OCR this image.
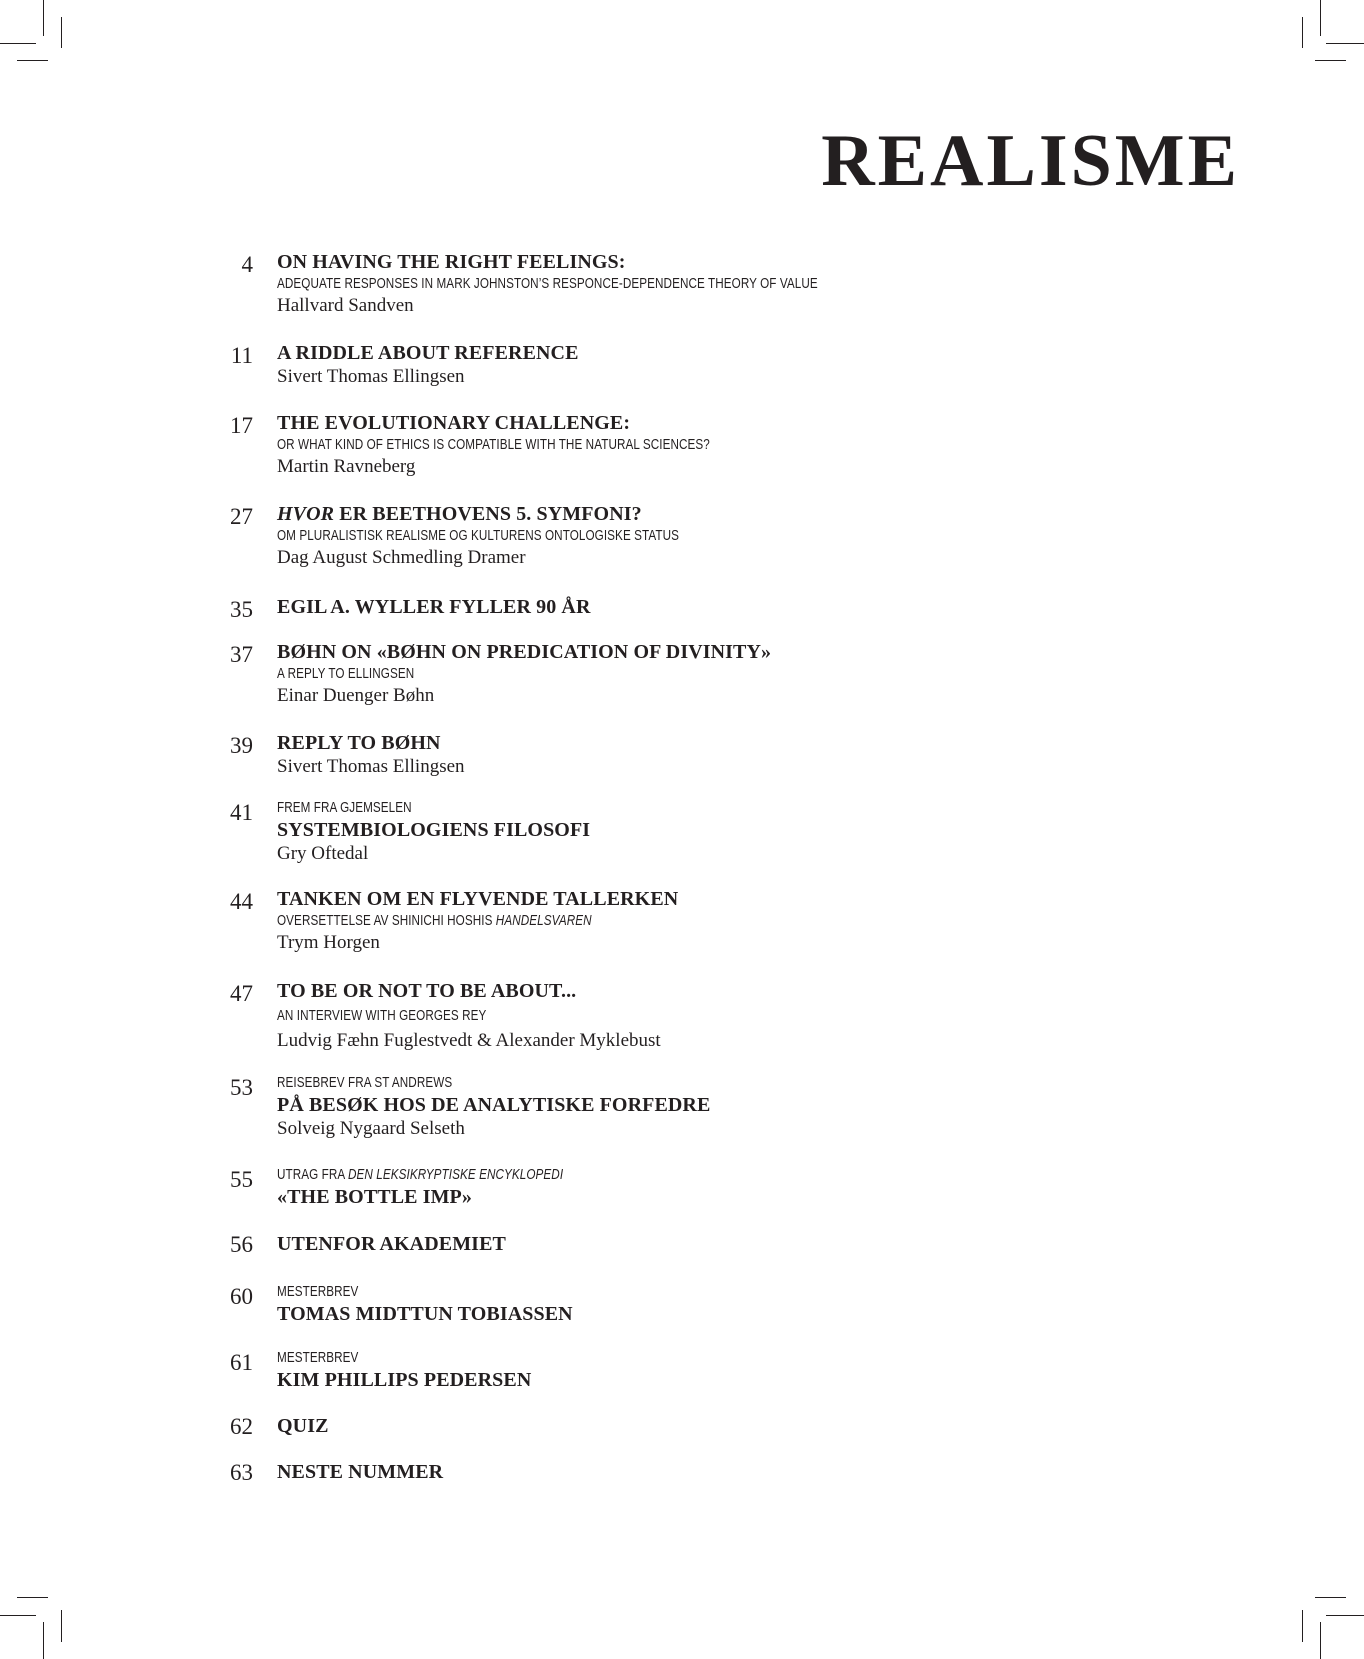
REALISME
4 ON HAVING THE RIGHT FEELINGS:
ADEQUATE RESPONSES IN MARK JOHNSTON’S RESPONCE-DEPENDENCE THEORY OF VALUE
Hallvard Sandven
11 A RIDDLE ABOUT REFERENCE
Sivert Thomas Ellingsen
17 THE EVOLUTIONARY CHALLENGE:
OR WHAT KIND OF ETHICS IS COMPATIBLE WITH THE NATURAL SCIENCES?
Martin Ravneberg
27 HVOR ER BEETHOVENS 5. SYMFONI?
OM PLURALISTISK REALISME OG KULTURENS ONTOLOGISKE STATUS
Dag August Schmedling Dramer
35 EGIL A. WYLLER FYLLER 90 ÅR
37 BØHN ON «BØHN ON PREDICATION OF DIVINITY»
A REPLY TO ELLINGSEN
Einar Duenger Bøhn
39 REPLY TO BØHN
Sivert Thomas Ellingsen
41 FREM FRA GJEMSELEN
SYSTEMBIOLOGIENS FILOSOFI
Gry Oftedal
44 TANKEN OM EN FLYVENDE TALLERKEN
OVERSETTELSE AV SHINICHI HOSHIS HANDELSVAREN
Trym Horgen
47 TO BE OR NOT TO BE ABOUT...
AN INTERVIEW WITH GEORGES REY
Ludvig Fæhn Fuglestvedt & Alexander Myklebust
53 REISEBREV FRA ST ANDREWS
PÅ BESØK HOS DE ANALYTISKE FORFEDRE
Solveig Nygaard Selseth
55 UTRAG FRA DEN LEKSIKRYPTISKE ENCYKLOPEDI
«THE BOTTLE IMP»
56 UTENFOR AKADEMIET
60 MESTERBREV
TOMAS MIDTTUN TOBIASSEN
61 MESTERBREV
KIM PHILLIPS PEDERSEN
62 QUIZ
63 NESTE NUMMER
